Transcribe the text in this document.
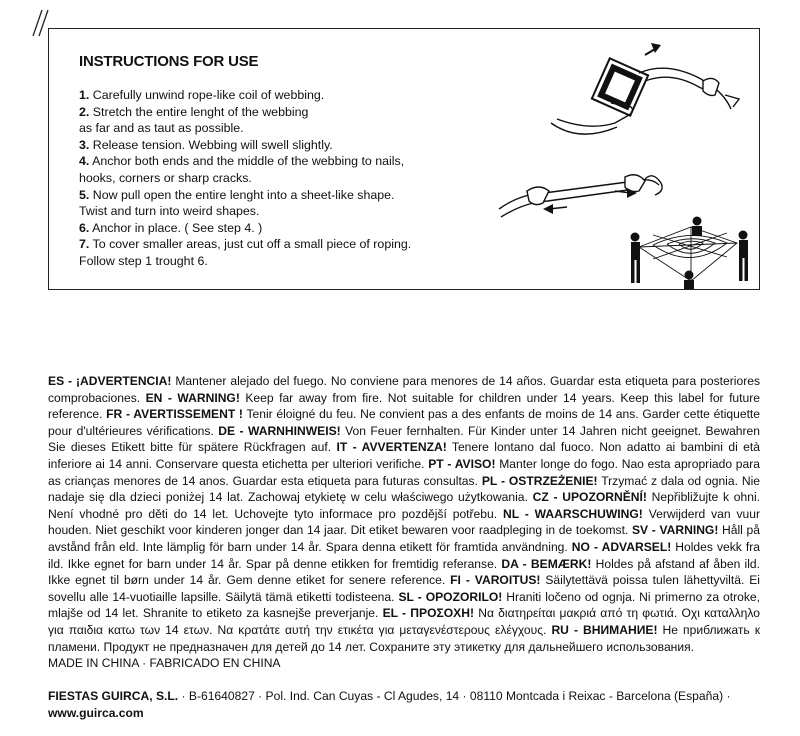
INSTRUCTIONS FOR USE
1. Carefully unwind rope-like coil of webbing.
2. Stretch the entire lenght of the webbing
as far and as taut as possible.
3. Release tension. Webbing will swell slightly.
4. Anchor both ends and the middle of the webbing to nails,
hooks, corners or sharp cracks.
5. Now pull open the entire lenght into a sheet-like shape.
Twist and turn into weird shapes.
6. Anchor in place. ( See step 4. )
7. To cover smaller areas, just cut off a small piece of roping.
Follow step 1 trought 6.
ES - ¡ADVERTENCIA! Mantener alejado del fuego. No conviene para menores de 14 años. Guardar esta etiqueta para posteriores comprobaciones. EN - WARNING! Keep far away from fire. Not suitable for children under 14 years. Keep this label for future reference. FR - AVERTISSEMENT ! Tenir éloigné du feu. Ne convient pas a des enfants de moins de 14 ans. Garder cette étiquette pour d'ultérieures vérifications. DE - WARNHINWEIS! Von Feuer fernhalten. Für Kinder unter 14 Jahren nicht geeignet. Bewahren Sie dieses Etikett bitte für spätere Rückfragen auf. IT - AVVERTENZA! Tenere lontano dal fuoco. Non adatto ai bambini di età inferiore ai 14 anni. Conservare questa etichetta per ulteriori verifiche. PT - AVISO! Manter longe do fogo. Nao esta apropriado para as crianças menores de 14 anos. Guardar esta etiqueta para futuras consultas. PL - OSTRZEŻENIE! Trzymać z dala od ognia. Nie nadaje się dla dzieci poniżej 14 lat. Zachowaj etykietę w celu właściwego użytkowania. CZ - UPOZORNĚNÍ! Nepřibližujte k ohni. Není vhodné pro děti do 14 let. Uchovejte tyto informace pro pozdější potřebu. NL - WAARSCHUWING! Verwijderd van vuur houden. Niet geschikt voor kinderen jonger dan 14 jaar. Dit etiket bewaren voor raadpleging in de toekomst. SV - VARNING! Håll på avstånd från eld. Inte lämplig för barn under 14 år. Spara denna etikett för framtida användning. NO - ADVARSEL! Holdes vekk fra ild. Ikke egnet for barn under 14 år. Spar på denne etikken for fremtidig referanse. DA - BEMÆRK! Holdes på afstand af åben ild. Ikke egnet til børn under 14 år. Gem denne etiket for senere reference. FI - VAROITUS! Säilytettävä poissa tulen lähettyviltä. Ei sovellu alle 14-vuotiaille lapsille. Säilytä tämä etiketti todisteena. SL - OPOZORILO! Hraniti ločeno od ognja. Ni primerno za otroke, mlajše od 14 let. Shranite to etiketo za kasnejše preverjanje. EL - ΠΡΟΣΟΧΗ! Να διατηρείται μακριά από τη φωτιά. Οχι καταλληλο για παιδια κατω των 14 ετων. Να κρατάτε αυτή την ετικέτα για μεταγενέστερους ελέγχους. RU - ВНИМАНИЕ! Не приближать к пламени. Продукт не предназначен для детей до 14 лет. Сохраните эту этикетку для дальнейшего использования.
MADE IN CHINA · FABRICADO EN CHINA
FIESTAS GUIRCA, S.L. · B-61640827 · Pol. Ind. Can Cuyas - Cl Agudes, 14 · 08110 Montcada i Reixac - Barcelona (España) · www.guirca.com
